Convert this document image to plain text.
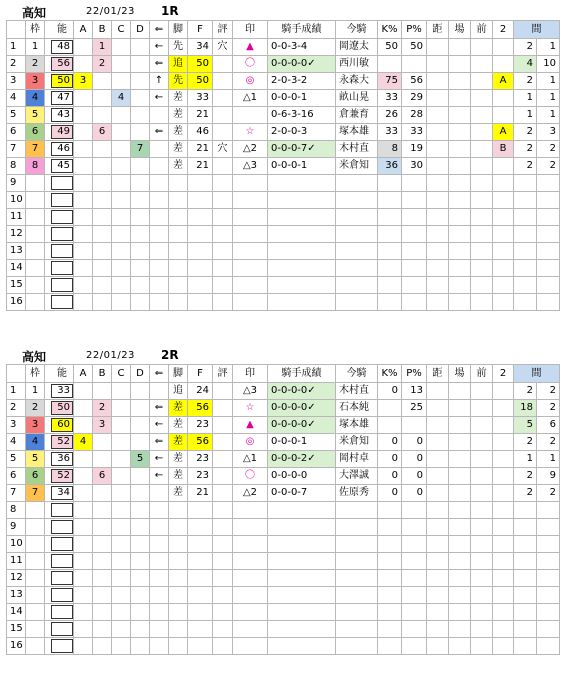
高知	22/01/23 1R
	枠		能	A	B	C	D	⇐	脚	F	評	印	騎手成績	今騎	K%	P%	距	場	前	2	間	
1	1		48		1			←	先	34	穴	▲	0-0-3-4	岡遼太	50	50					2	1
2	2		56		2			⇐	追	50		〇	0-0-0-0✓	西川敏							4	10
3	3		50	3				↑	先	50		◎	2-0-3-2	永森大	75	56				A	2	1
4	4		47			4		←	差	33		△1	0-0-0-1	畝山晃	33	29					1	1
5	5		43						差	21			0-6-3-16	倉兼育	26	28					1	1
6	6		49		6			⇐	差	46		☆	2-0-0-3	塚本雄	33	33				A	2	3
7	7		46				7		差	21	穴	△2	0-0-0-7✓	木村直	8	19				B	2	2
8	8		45						差	21		△3	0-0-0-1	米倉知	36	30					2	2
9			

10			

11			

12			

13			

14			

15			

16			

高知	22/01/23 2R
	枠		能	A	B	C	D	⇐	脚	F	評	印	騎手成績	今騎	K%	P%	距	場	前	2	間	
1	1		33						追	24		△3	0-0-0-0✓	木村直	0	13					2	2
2	2		50		2			⇐	差	56		☆	0-0-0-0✓	石本純		25					18	2
3	3		60		3			←	差	23		▲	0-0-0-0✓	塚本雄							5	6
4	4		52	4				⇐	差	56		◎	0-0-0-1	米倉知	0	0					2	2
5	5		36				5	←	差	23		△1	0-0-0-2✓	岡村卓	0	0					1	1
6	6		52		6			←	差	23		〇	0-0-0-0	大澤誠	0	0					2	9
7	7		34						差	21		△2	0-0-0-7	佐原秀	0	0					2	2
8			

9			

10			

11			

12			

13			

14			

15			

16			
